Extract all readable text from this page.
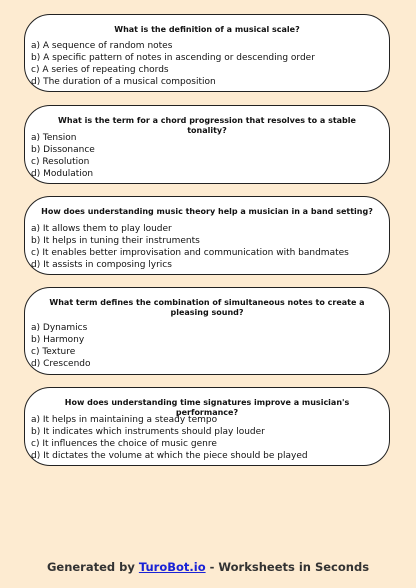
What is the definition of a musical scale?
a) A sequence of random notes
b) A specific pattern of notes in ascending or descending order
c) A series of repeating chords
d) The duration of a musical composition
What is the term for a chord progression that resolves to a stable tonality?
a) Tension
b) Dissonance
c) Resolution
d) Modulation
How does understanding music theory help a musician in a band setting?
a) It allows them to play louder
b) It helps in tuning their instruments
c) It enables better improvisation and communication with bandmates
d) It assists in composing lyrics
What term defines the combination of simultaneous notes to create a pleasing sound?
a) Dynamics
b) Harmony
c) Texture
d) Crescendo
How does understanding time signatures improve a musician's performance?
a) It helps in maintaining a steady tempo
b) It indicates which instruments should play louder
c) It influences the choice of music genre
d) It dictates the volume at which the piece should be played
Generated by TuroBot.io - Worksheets in Seconds
